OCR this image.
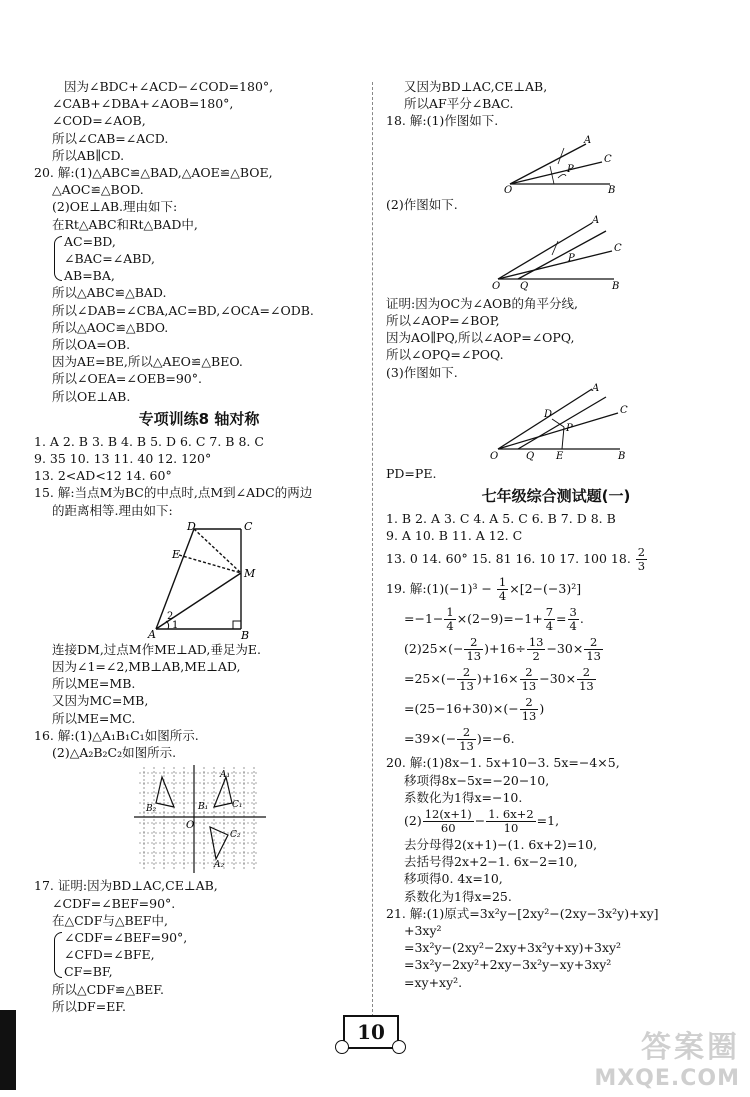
因为∠BDC+∠ACD−∠COD=180°,
∠CAB+∠DBA+∠AOB=180°,
∠COD=∠AOB,
所以∠CAB=∠ACD.
所以AB∥CD.
20. 解:(1)△ABC≌△BAD,△AOE≌△BOE,
△AOC≌△BOD.
(2)OE⊥AB.理由如下:
在Rt△ABC和Rt△BAD中,
AC=BD,
∠BAC=∠ABD,
AB=BA,
所以△ABC≌△BAD.
所以∠DAB=∠CBA,AC=BD,∠OCA=∠ODB.
所以△AOC≌△BDO.
所以OA=OB.
因为AE=BE,所以△AEO≌△BEO.
所以∠OEA=∠OEB=90°.
所以OE⊥AB.
专项训练8 轴对称
1. A 2. B 3. B 4. B 5. D 6. C 7. B 8. C
9. 35 10. 13 11. 40 12. 120°
13. 2<AD<12 14. 60°
15. 解:当点M为BC的中点时,点M到∠ADC的两边
的距离相等.理由如下:
D	C
E
M
A	B
2
1
连接DM,过点M作ME⊥AD,垂足为E.
因为∠1=∠2,MB⊥AB,ME⊥AD,
所以ME=MB.
又因为MC=MB,
所以ME=MC.
16. 解:(1)△A₁B₁C₁如图所示.
(2)△A₂B₂C₂如图所示.
O
A₁
B₁	C₁
A₂
B₂
C₂
17. 证明:因为BD⊥AC,CE⊥AB,
∠CDF=∠BEF=90°.
在△CDF与△BEF中,
∠CDF=∠BEF=90°,
∠CFD=∠BFE,
CF=BF,
所以△CDF≌△BEF.
所以DF=EF.
又因为BD⊥AC,CE⊥AB,
所以AF平分∠BAC.
18. 解:(1)作图如下.
A
C
P
O	B
(2)作图如下.
A
C
P
O Q	B
证明:因为OC为∠AOB的角平分线,
所以∠AOP=∠BOP,
因为AO∥PQ,所以∠AOP=∠OPQ,
所以∠OPQ=∠POQ.
(3)作图如下.
A
D	C
P
O	Q E	B
PD=PE.
七年级综合测试题(一)
1. B 2. A 3. C 4. A 5. C 6. B 7. D 8. B
9. A 10. B 11. A 12. C
13. 0 14. 60° 15. 81 16. 10 17. 100 18. $\frac{2}{3}$
19. 解:(1)(−1)³ − $\frac{1}{4} \times[2-(-3)^2]$
$=-1- \frac{1}{4} \times(2-9)=-1+ \frac{7}{4} = \frac{3}{4}$ .
$(2)25\times(- \frac{2}{13} )+16\div \frac{13}{2} -30\times \frac{2}{13}$
$=25\times(- \frac{2}{13} )+16\times \frac{2}{13} -30\times \frac{2}{13}$
$=(25-16+30)\times(- \frac{2}{13}$ )
$=39\times(- \frac{2}{13} )=-6$.
20. 解:(1)8x−1. 5x+10−3. 5x=−4×5,
移项得8x−5x=−20−10,
系数化为1得x=−10.
$(2) \frac{12(x+1)}{60} - \frac{1. 6x+2}{10} =1$,
去分母得2(x+1)−(1. 6x+2)=10,
去括号得2x+2−1. 6x−2=10,
移项得0. 4x=10,
系数化为1得x=25.
21. 解:(1)原式=3x²y−[2xy²−(2xy−3x²y)+xy]
+3xy²
=3x²y−(2xy²−2xy+3x²y+xy)+3xy²
=3x²y−2xy²+2xy−3x²y−xy+3xy²
=xy+xy².
10	答案圈
MXQE.COM
